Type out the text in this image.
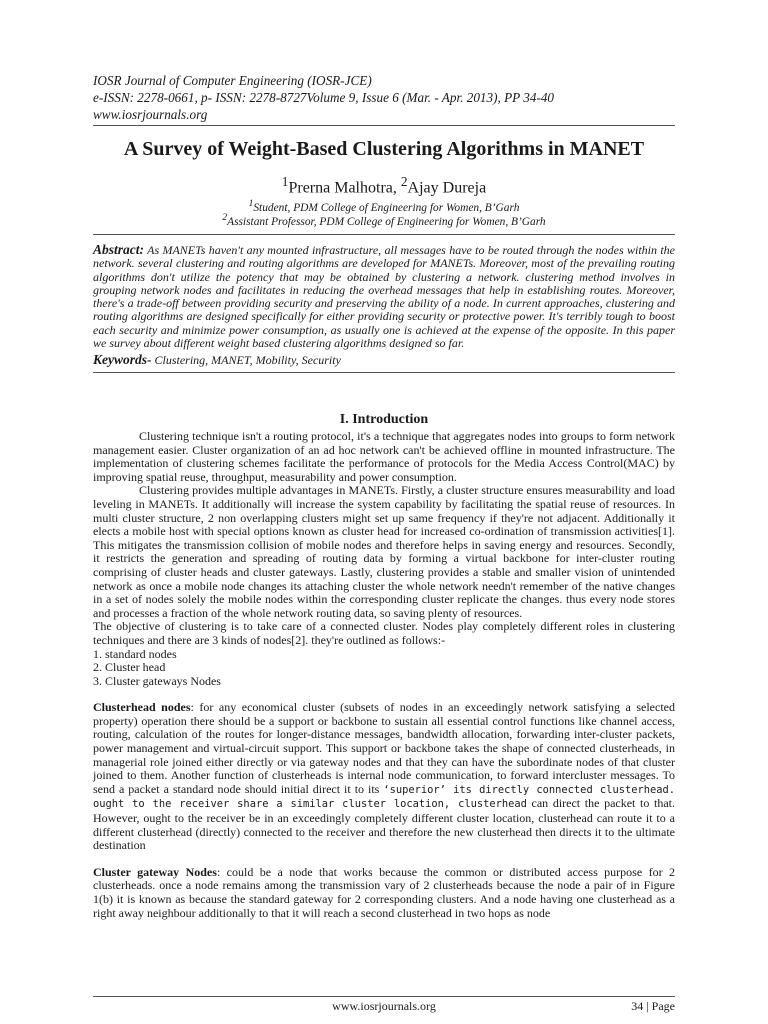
IOSR Journal of Computer Engineering (IOSR-JCE)
e-ISSN: 2278-0661, p- ISSN: 2278-8727Volume 9, Issue 6 (Mar. - Apr. 2013), PP 34-40
www.iosrjournals.org
A Survey of Weight-Based Clustering Algorithms in MANET
$^1$Prerna Malhotra, $^2$Ajay Dureja
$^1$Student, PDM College of Engineering for Women, B’Garh
$^2$Assistant Professor, PDM College of Engineering for Women, B’Garh

Abstract: As MANETs haven't any mounted infrastructure, all messages have to be routed through the nodes within the network. several clustering and routing algorithms are developed for MANETs. Moreover, most of the prevailing routing algorithms don't utilize the potency that may be obtained by clustering a network. clustering method involves in grouping network nodes and facilitates in reducing the overhead messages that help in establishing routes. Moreover, there's a trade-off between providing security and preserving the ability of a node. In current approaches, clustering and routing algorithms are designed specifically for either providing security or protective power. It's terribly tough to boost each security and minimize power consumption, as usually one is achieved at the expense of the opposite. In this paper we survey about different weight based clustering algorithms designed so far.

Keywords- Clustering, MANET, Mobility, Security

I. Introduction

Clustering technique isn't a routing protocol, it's a technique that aggregates nodes into groups to form network management easier. Cluster organization of an ad hoc network can't be achieved offline in mounted infrastructure. The implementation of clustering schemes facilitate the performance of protocols for the Media Access Control(MAC) by improving spatial reuse, throughput, measurability and power consumption.

Clustering provides multiple advantages in MANETs. Firstly, a cluster structure ensures measurability and load leveling in MANETs. It additionally will increase the system capability by facilitating the spatial reuse of resources. In multi cluster structure, 2 non overlapping clusters might set up same frequency if they're not adjacent. Additionally it elects a mobile host with special options known as cluster head for increased co-ordination of transmission activities[1]. This mitigates the transmission collision of mobile nodes and therefore helps in saving energy and resources. Secondly, it restricts the generation and spreading of routing data by forming a virtual backbone for inter-cluster routing comprising of cluster heads and cluster gateways. Lastly, clustering provides a stable and smaller vision of unintended network as once a mobile node changes its attaching cluster the whole network needn't remember of the native changes in a set of nodes solely the mobile nodes within the corresponding cluster replicate the changes. thus every node stores and processes a fraction of the whole network routing data, so saving plenty of resources.

The objective of clustering is to take care of a connected cluster. Nodes play completely different roles in clustering techniques and there are 3 kinds of nodes[2]. they're outlined as follows:-

1. standard nodes

2. Cluster head

3. Cluster gateways Nodes

Clusterhead nodes: for any economical cluster (subsets of nodes in an exceedingly network satisfying a selected property) operation there should be a support or backbone to sustain all essential control functions like channel access, routing, calculation of the routes for longer-distance messages, bandwidth allocation, forwarding inter-cluster packets, power management and virtual-circuit support. This support or backbone takes the shape of connected clusterheads, in managerial role joined either directly or via gateway nodes and that they can have the subordinate nodes of that cluster joined to them. Another function of clusterheads is internal node communication, to forward intercluster messages. To send a packet a standard node should initial direct it to its ‘superior’ its directly connected clusterhead. ought to the receiver share a similar cluster location, clusterhead can direct the packet to that. However, ought to the receiver be in an exceedingly completely different cluster location, clusterhead can route it to a different clusterhead (directly) connected to the receiver and therefore the new clusterhead then directs it to the ultimate destination

Cluster gateway Nodes: could be a node that works because the common or distributed access purpose for 2 clusterheads. once a node remains among the transmission vary of 2 clusterheads because the node a pair of in Figure 1(b) it is known as because the standard gateway for 2 corresponding clusters. And a node having one clusterhead as a right away neighbour additionally to that it will reach a second clusterhead in two hops as node

www.iosrjournals.org	34 | Page
